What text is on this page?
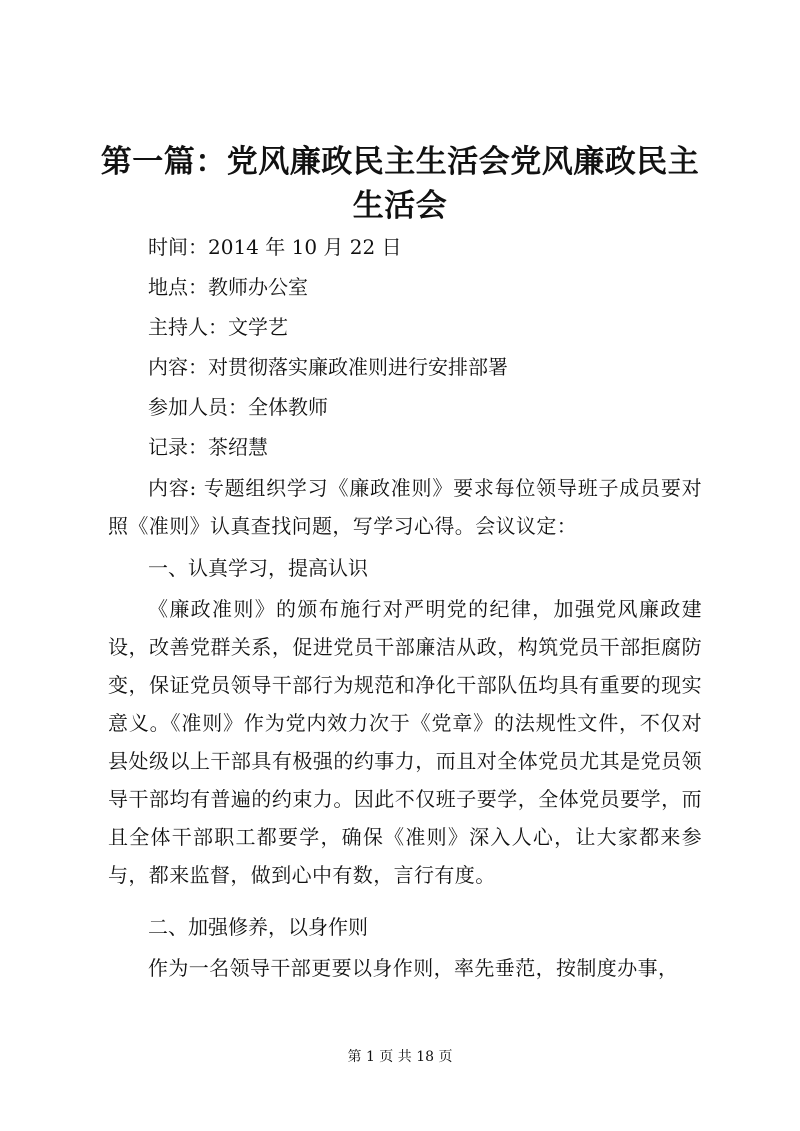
第一篇：党风廉政民主生活会党风廉政民主生活会
时间：2014 年 10 月 22 日
地点：教师办公室
主持人：文学艺
内容：对贯彻落实廉政准则进行安排部署
参加人员：全体教师
记录：茶绍慧
内容: 专题组织学习《廉政准则》要求每位领导班子成员要对照《准则》认真查找问题，写学习心得。会议议定：
一、认真学习，提高认识
《廉政准则》的颁布施行对严明党的纪律，加强党风廉政建设，改善党群关系，促进党员干部廉洁从政，构筑党员干部拒腐防变，保证党员领导干部行为规范和净化干部队伍均具有重要的现实意义。《准则》作为党内效力次于《党章》的法规性文件，不仅对县处级以上干部具有极强的约事力，而且对全体党员尤其是党员领导干部均有普遍的约束力。因此不仅班子要学，全体党员要学，而且全体干部职工都要学，确保《准则》深入人心，让大家都来参与，都来监督，做到心中有数，言行有度。
二、加强修养，以身作则
作为一名领导干部更要以身作则，率先垂范，按制度办事，
第 1 页 共 18 页
